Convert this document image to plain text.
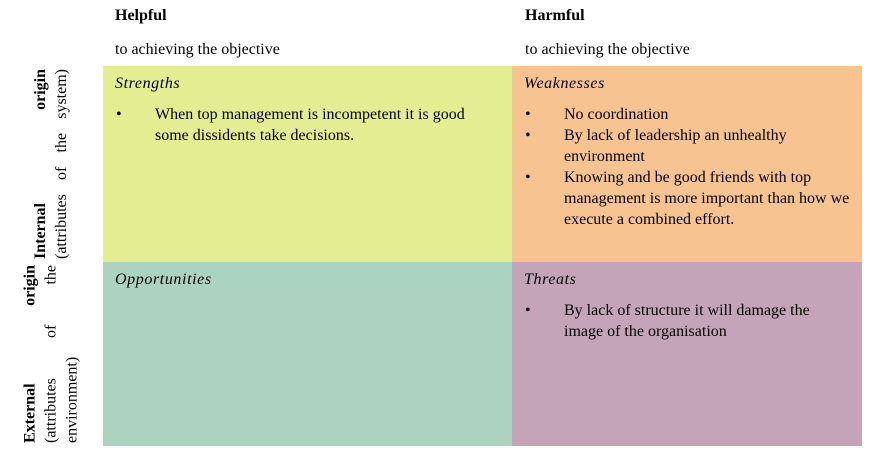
Helpful
to achieving the objective
Harmful
to achieving the objective
Internal origin (attributes of the system)
External origin (attributes of the environment)
Strengths
• When top management is incompetent it is good some dissidents take decisions.
Weaknesses
• No coordination
• By lack of leadership an unhealthy environment
• Knowing and be good friends with top management is more important than how we execute a combined effort.
Opportunities	Threats
• By lack of structure it will damage the image of the organisation
